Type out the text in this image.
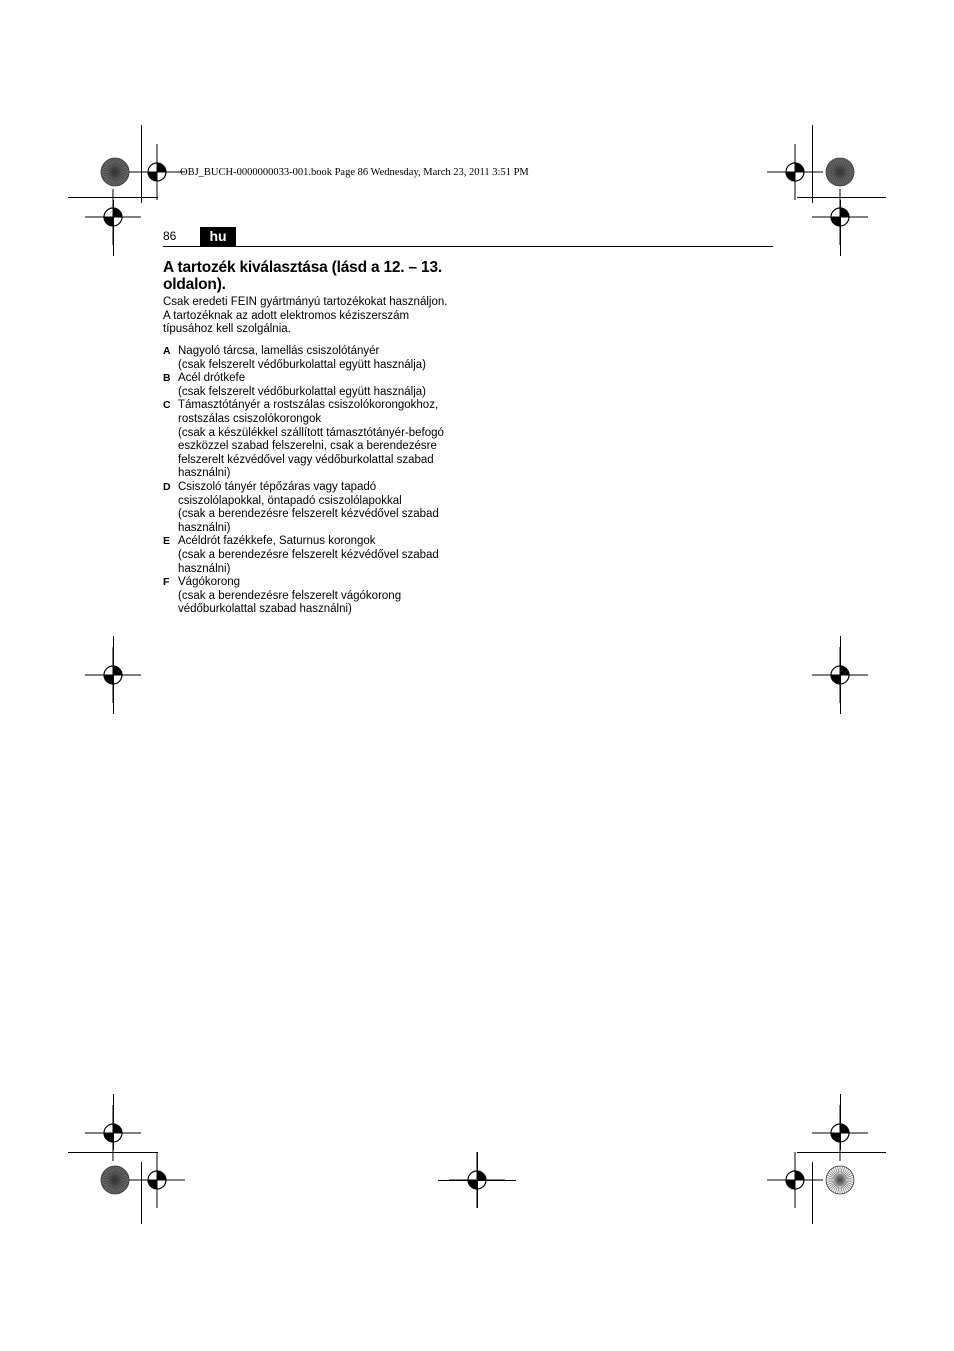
OBJ_BUCH-0000000033-001.book Page 86 Wednesday, March 23, 2011 3:51 PM
86	hu
A tartozék kiválasztása (lásd a 12. – 13.
oldalon).
Csak eredeti FEIN gyártmányú tartozékokat használjon.
A tartozéknak az adott elektromos kéziszerszám
típusához kell szolgálnia.
A Nagyoló tárcsa, lamellás csiszolótányér
(csak felszerelt védőburkolattal együtt használja)
B Acél drótkefe
(csak felszerelt védőburkolattal együtt használja)
C Támasztótányér a rostszálas csiszolókorongokhoz,
rostszálas csiszolókorongok
(csak a készülékkel szállított támasztótányér-befogó
eszközzel szabad felszerelni, csak a berendezésre
felszerelt kézvédővel vagy védőburkolattal szabad
használni)
D Csiszoló tányér tépőzáras vagy tapadó
csiszolólapokkal, öntapadó csiszolólapokkal
(csak a berendezésre felszerelt kézvédővel szabad
használni)
E Acéldrót fazékkefe, Saturnus korongok
(csak a berendezésre felszerelt kézvédővel szabad
használni)
F Vágókorong
(csak a berendezésre felszerelt vágókorong
védőburkolattal szabad használni)
